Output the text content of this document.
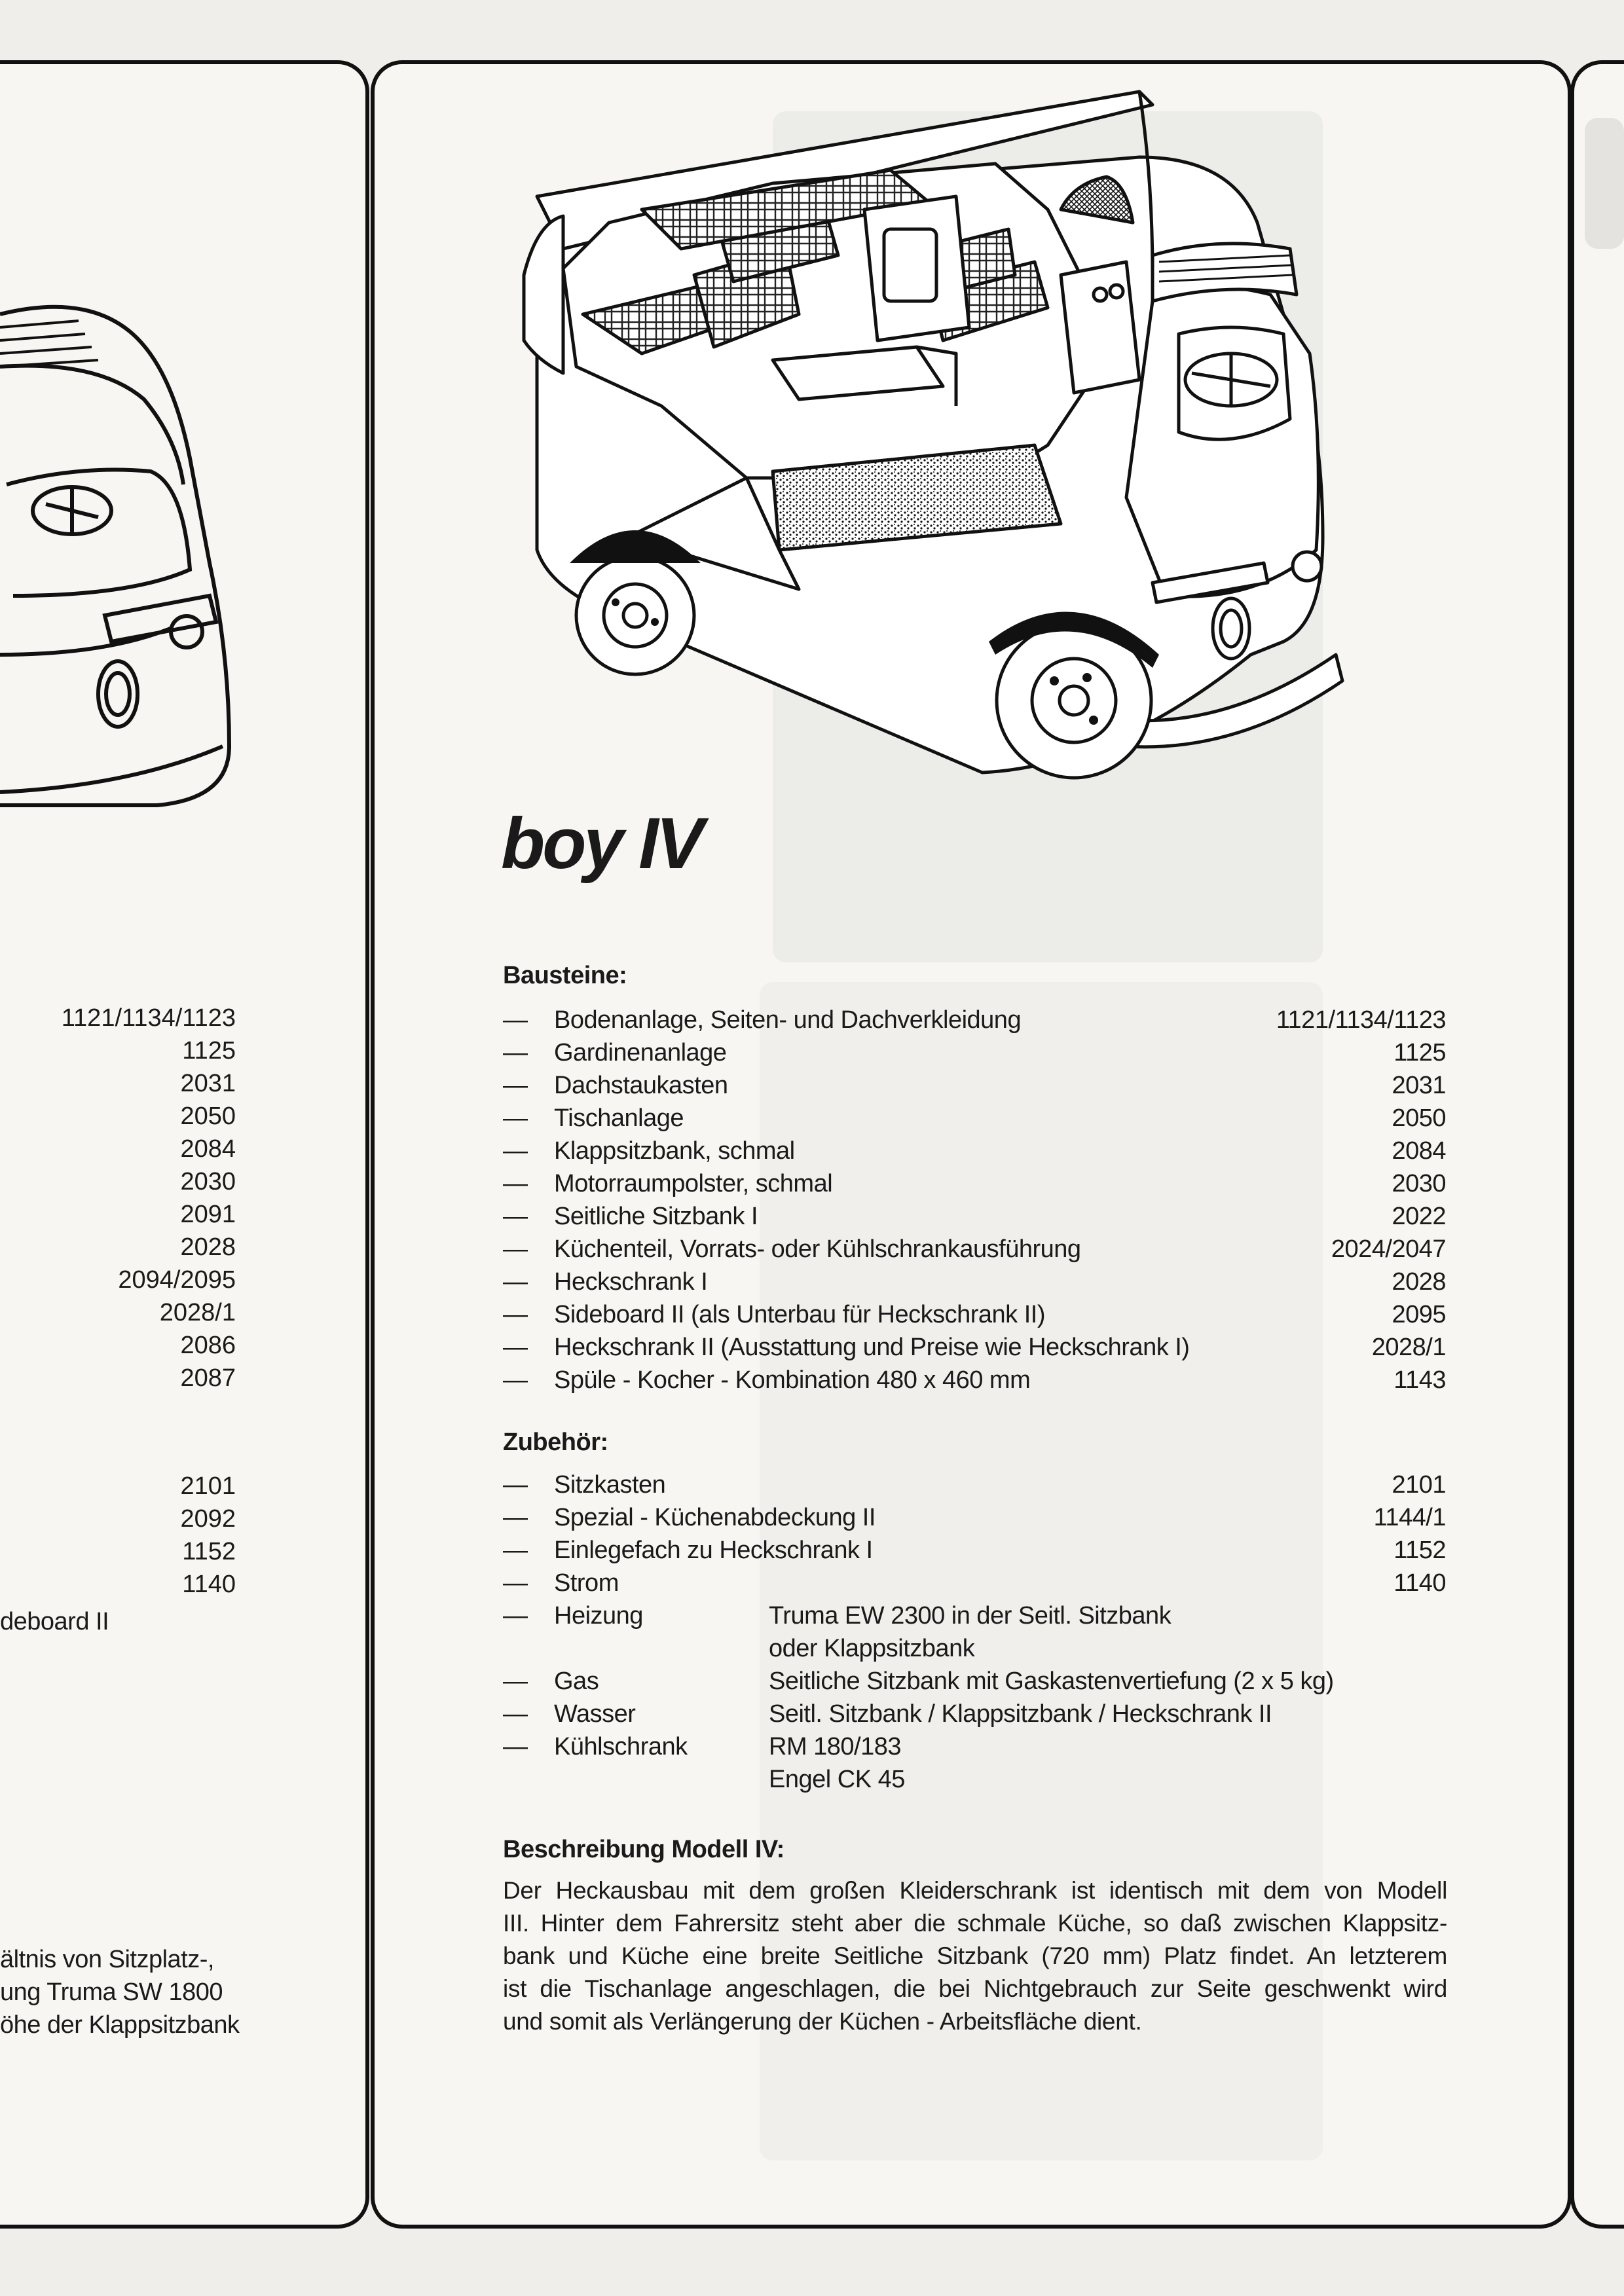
1121/1134/1123
1125
2031
2050
2084
2030
2091
2028
2094/2095
2028/1
2086
2087
2101
2092
1152
1140
deboard II
ältnis von Sitzplatz-,
ung Truma SW 1800
öhe der Klappsitzbank
boy IV
Bausteine:
— Bodenanlage, Seiten- und Dachverkleidung	1121/1134/1123
— Gardinenanlage	1125
— Dachstaukasten	2031
— Tischanlage	2050
— Klappsitzbank, schmal	2084
— Motorraumpolster, schmal	2030
— Seitliche Sitzbank I	2022
— Küchenteil, Vorrats- oder Kühlschrankausführung	2024/2047
— Heckschrank I	2028
— Sideboard II (als Unterbau für Heckschrank II)	2095
— Heckschrank II (Ausstattung und Preise wie Heckschrank I)	2028/1
— Spüle - Kocher - Kombination 480 x 460 mm	1143
Zubehör:
— Sitzkasten	2101
— Spezial - Küchenabdeckung II	1144/1
— Einlegefach zu Heckschrank I	1152
— Strom	1140
— Heizung	Truma EW 2300 in der Seitl. Sitzbank
oder Klappsitzbank
— Gas	Seitliche Sitzbank mit Gaskastenvertiefung (2 x 5 kg)
— Wasser	Seitl. Sitzbank / Klappsitzbank / Heckschrank II
— Kühlschrank	RM 180/183
Engel CK 45
Beschreibung Modell IV:
Der Heckausbau mit dem großen Kleiderschrank ist identisch mit dem von Modell
III. Hinter dem Fahrersitz steht aber die schmale Küche, so daß zwischen Klappsitz-
bank und Küche eine breite Seitliche Sitzbank (720 mm) Platz findet. An letzterem
ist die Tischanlage angeschlagen, die bei Nichtgebrauch zur Seite geschwenkt wird
und somit als Verlängerung der Küchen - Arbeitsfläche dient.
